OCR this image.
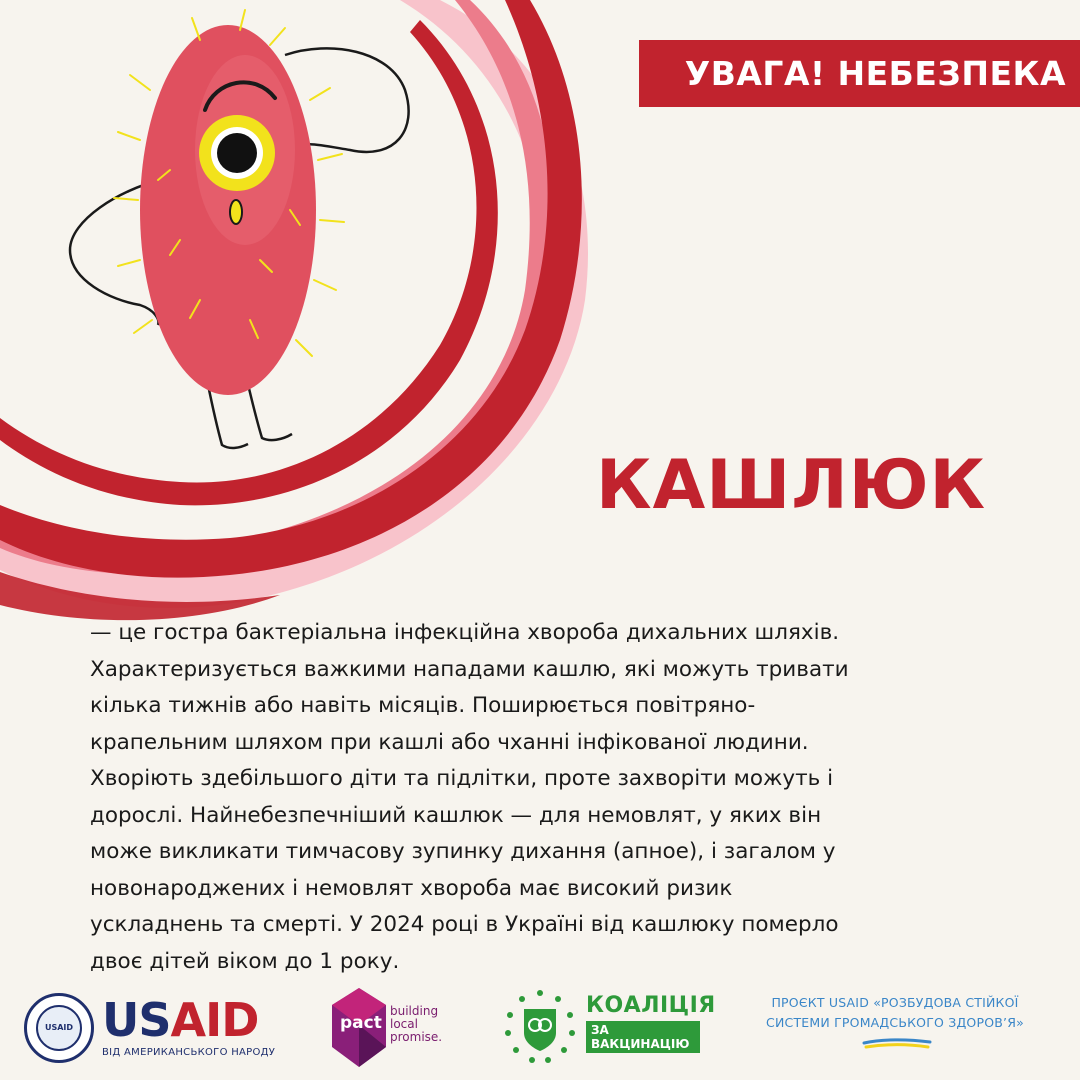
УВАГА! НЕБЕЗПЕКА
КАШЛЮК

— це гостра бактеріальна інфекційна хвороба дихальних шляхів.

Характеризується важкими нападами кашлю, які можуть тривати

кілька тижнів або навіть місяців. Поширюється повітряно-

крапельним шляхом при кашлі або чханні інфікованої людини.

Хворіють здебільшого діти та підлітки, проте захворіти можуть і

дорослі. Найнебезпечніший кашлюк — для немовлят, у яких він

може викликати тимчасову зупинку дихання (апное), і загалом у

новонароджених і немовлят хвороба має високий ризик

ускладнень та смерті. У 2024 році в Україні від кашлюку померло

двоє дітей віком до 1 року.

USAID USAID
ВІД АМЕРИКАНСЬКОГО НАРОДУ
pact
building
local
promise.
КОАЛІЦІЯ
ЗА ВАКЦИНАЦІЮ

ПРОЄКТ USAID «РОЗБУДОВА СТІЙКОЇ

СИСТЕМИ ГРОМАДСЬКОГО ЗДОРОВ’Я»
